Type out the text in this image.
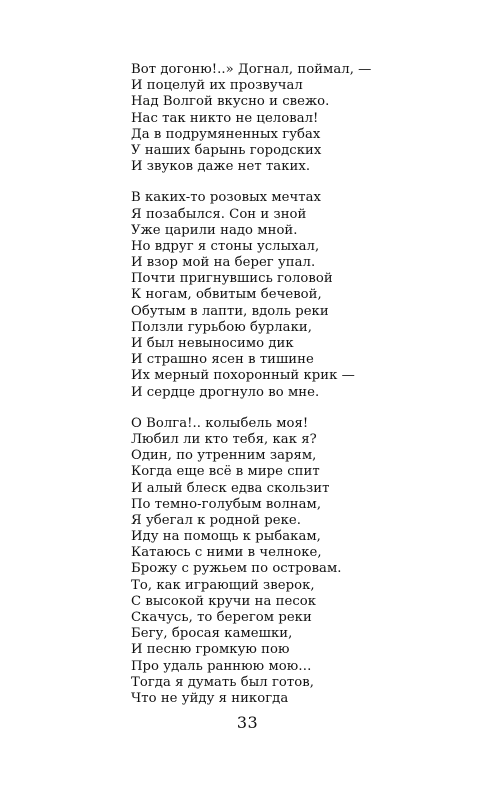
Вот догоню!..» Догнал, поймал, —
И поцелуй их прозвучал
Над Волгой вкусно и свежо.
Нас так никто не целовал!
Да в подрумяненных губах
У наших барынь городских
И звуков даже нет таких.
В каких-то розовых мечтах
Я позабылся. Сон и зной
Уже царили надо мной.
Но вдруг я стоны услыхал,
И взор мой на берег упал.
Почти пригнувшись головой
К ногам, обвитым бечевой,
Обутым в лапти, вдоль реки
Ползли гурьбою бурлаки,
И был невыносимо дик
И страшно ясен в тишине
Их мерный похоронный крик —
И сердце дрогнуло во мне.
О Волга!.. колыбель моя!
Любил ли кто тебя, как я?
Один, по утренним зарям,
Когда еще всё в мире спит
И алый блеск едва скользит
По темно-голубым волнам,
Я убегал к родной реке.
Иду на помощь к рыбакам,
Катаюсь с ними в челноке,
Брожу с ружьем по островам.
То, как играющий зверок,
С высокой кручи на песок
Скачусь, то берегом реки
Бегу, бросая камешки,
И песню громкую пою
Про удаль раннюю мою…
Тогда я думать был готов,
Что не уйду я никогда
33
